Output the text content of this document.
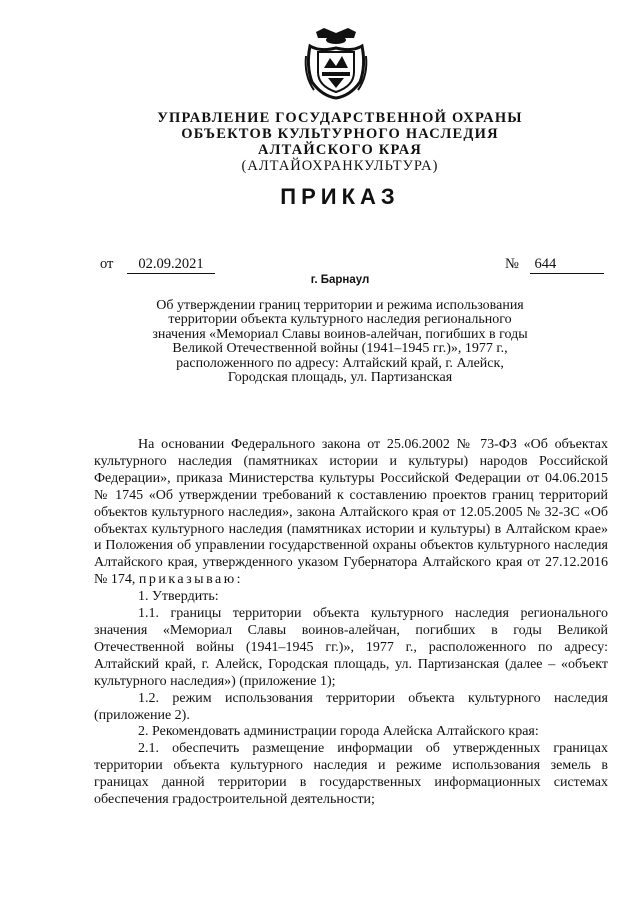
УПРАВЛЕНИЕ ГОСУДАРСТВЕННОЙ ОХРАНЫ
ОБЪЕКТОВ КУЛЬТУРНОГО НАСЛЕДИЯ
АЛТАЙСКОГО КРАЯ
(АЛТАЙОХРАНКУЛЬТУРА)
ПРИКАЗ
от 02.09.2021	№ 644
г. Барнаул
Об утверждении границ территории и режима использования
территории объекта культурного наследия регионального
значения «Мемориал Славы воинов-алейчан, погибших в годы
Великой Отечественной войны (1941–1945 гг.)», 1977 г.,
расположенного по адресу: Алтайский край, г. Алейск,
Городская площадь, ул. Партизанская

На основании Федерального закона от 25.06.2002 № 73-ФЗ «Об объектах культурного наследия (памятниках истории и культуры) народов Российской Федерации», приказа Министерства культуры Российской Федерации от 04.06.2015 № 1745 «Об утверждении требований к составлению проектов границ территорий объектов культурного наследия», закона Алтайского края от 12.05.2005 № 32-ЗС «Об объектах культурного наследия (памятниках истории и культуры) в Алтайском крае» и Положения об управлении государственной охраны объектов культурного наследия Алтайского края, утвержденного указом Губернатора Алтайского края от 27.12.2016 № 174, приказываю:

1. Утвердить:

1.1. границы территории объекта культурного наследия регионального значения «Мемориал Славы воинов-алейчан, погибших в годы Великой Отечественной войны (1941–1945 гг.)», 1977 г., расположенного по адресу: Алтайский край, г. Алейск, Городская площадь, ул. Партизанская (далее – «объект культурного наследия») (приложение 1);

1.2. режим использования территории объекта культурного наследия (приложение 2).

2. Рекомендовать администрации города Алейска Алтайского края:

2.1. обеспечить размещение информации об утвержденных границах территории объекта культурного наследия и режиме использования земель в границах данной территории в государственных информационных системах обеспечения градостроительной деятельности;
